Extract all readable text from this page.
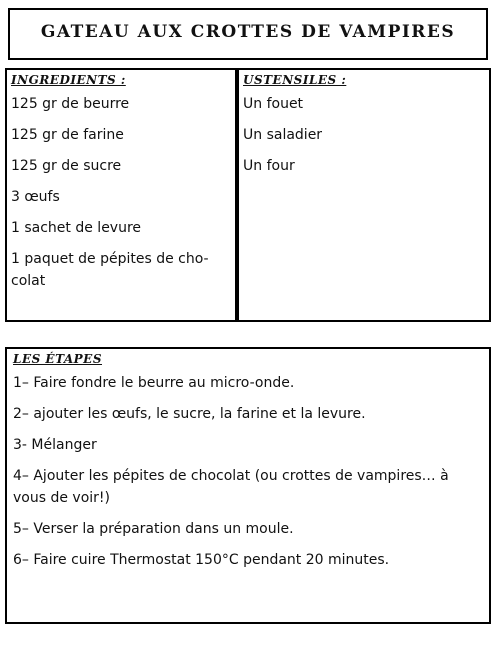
GATEAU AUX CROTTES DE VAMPIRES
INGREDIENTS :
125 gr de beurre
125 gr de farine
125 gr de sucre
3 œufs
1 sachet de levure
1 paquet de pépites de cho- colat
USTENSILES :
Un fouet
Un saladier
Un four
LES ÉTAPES
1– Faire fondre le beurre au micro-onde.
2– ajouter les œufs, le sucre, la farine et la levure.
3- Mélanger
4– Ajouter les pépites de chocolat (ou crottes de vampires… à vous de voir!)
5– Verser la préparation dans un moule.
6– Faire cuire Thermostat 150°C pendant 20 minutes.
